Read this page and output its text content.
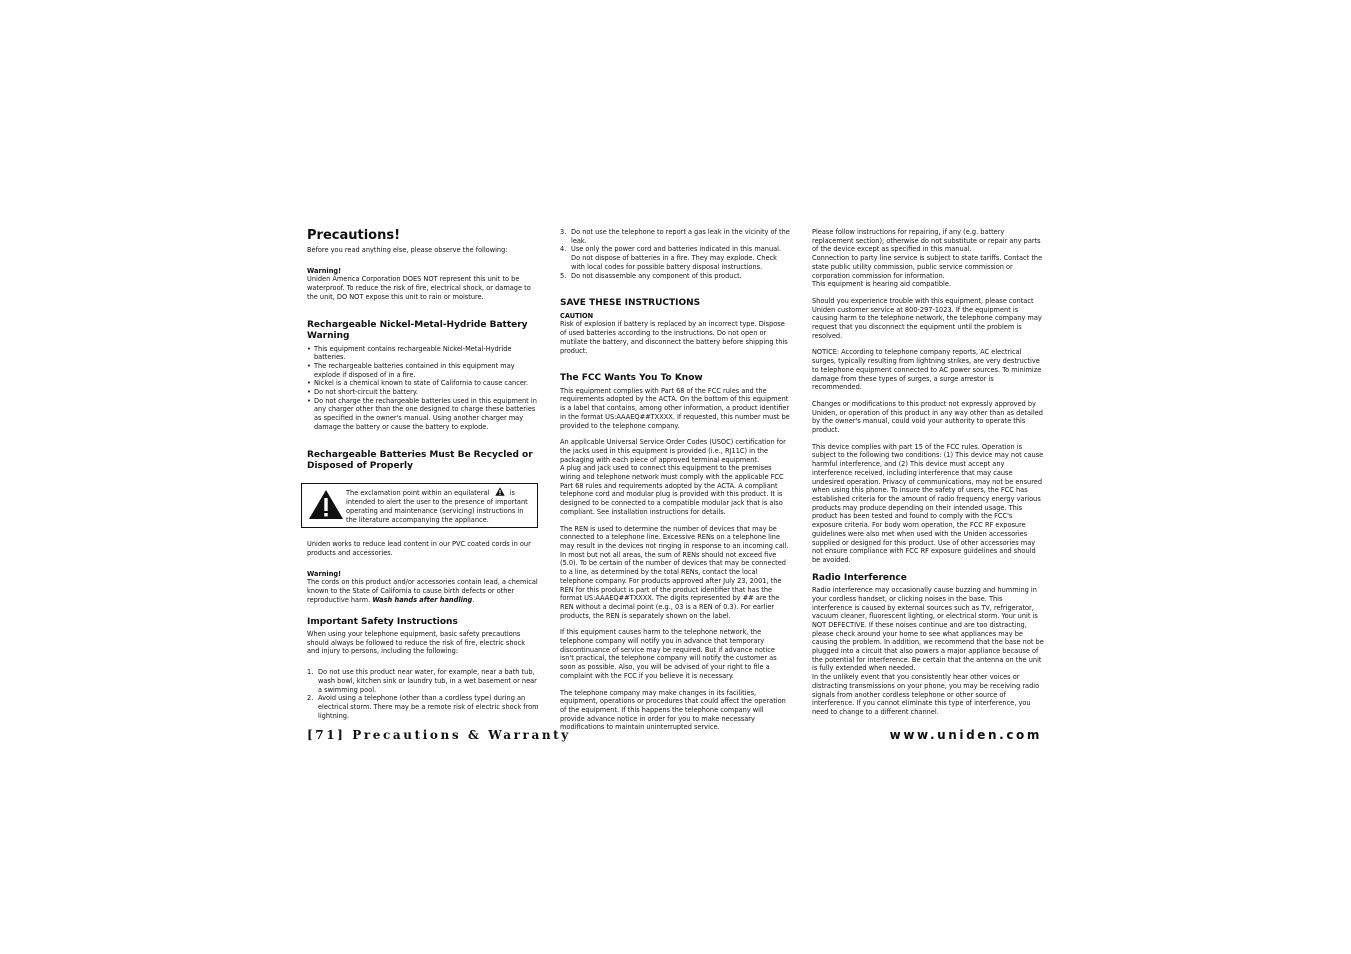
Precautions!

Before you read anything else, please observe the following:

Warning!

Uniden America Corporation DOES NOT represent this unit to be waterproof. To reduce the risk of fire, electrical shock, or damage to the unit, DO NOT expose this unit to rain or moisture.

Rechargeable Nickel-Metal-Hydride Battery Warning
• This equipment contains rechargeable Nickel-Metal-Hydride batteries.
• The rechargeable batteries contained in this equipment may explode if disposed of in a fire.
• Nickel is a chemical known to state of California to cause cancer.
• Do not short-circuit the battery.
• Do not charge the rechargeable batteries used in this equipment in any charger other than the one designed to charge these batteries as specified in the owner's manual. Using another charger may damage the battery or cause the battery to explode.
Rechargeable Batteries Must Be Recycled or Disposed of Properly
The exclamation point within an equilateral	is intended to alert the user to the presence of important operating and maintenance (servicing) instructions in the literature accompanying the appliance.

Uniden works to reduce lead content in our PVC coated cords in our products and accessories.

Warning!

The cords on this product and/or accessories contain lead, a chemical known to the State of California to cause birth defects or other reproductive harm. Wash hands after handling.

Important Safety Instructions

When using your telephone equipment, basic safety precautions should always be followed to reduce the risk of fire, electric shock and injury to persons, including the following:

1. Do not use this product near water, for example, near a bath tub, wash bowl, kitchen sink or laundry tub, in a wet basement or near a swimming pool.
2. Avoid using a telephone (other than a cordless type) during an electrical storm. There may be a remote risk of electric shock from lightning.
3. Do not use the telephone to report a gas leak in the vicinity of the leak.
4. Use only the power cord and batteries indicated in this manual. Do not dispose of batteries in a fire. They may explode. Check with local codes for possible battery disposal instructions.
5. Do not disassemble any component of this product.
SAVE THESE INSTRUCTIONS

CAUTION

Risk of explosion if battery is replaced by an incorrect type. Dispose of used batteries according to the instructions. Do not open or mutilate the battery, and disconnect the battery before shipping this product.

The FCC Wants You To Know

This equipment complies with Part 68 of the FCC rules and the requirements adopted by the ACTA. On the bottom of this equipment is a label that contains, among other information, a product identifier in the format US:AAAEQ##TXXXX. If requested, this number must be provided to the telephone company.

An applicable Universal Service Order Codes (USOC) certification for the jacks used in this equipment is provided (i.e., RJ11C) in the packaging with each piece of approved terminal equipment.

A plug and jack used to connect this equipment to the premises wiring and telephone network must comply with the applicable FCC Part 68 rules and requirements adopted by the ACTA. A compliant telephone cord and modular plug is provided with this product. It is designed to be connected to a compatible modular jack that is also compliant. See installation instructions for details.

The REN is used to determine the number of devices that may be connected to a telephone line. Excessive RENs on a telephone line may result in the devices not ringing in response to an incoming call. In most but not all areas, the sum of RENs should not exceed five (5.0). To be certain of the number of devices that may be connected to a line, as determined by the total RENs, contact the local telephone company. For products approved after July 23, 2001, the REN for this product is part of the product identifier that has the format US:AAAEQ##TXXXX. The digits represented by ## are the REN without a decimal point (e.g., 03 is a REN of 0.3). For earlier products, the REN is separately shown on the label.

If this equipment causes harm to the telephone network, the telephone company will notify you in advance that temporary discontinuance of service may be required. But if advance notice isn't practical, the telephone company will notify the customer as soon as possible. Also, you will be advised of your right to file a complaint with the FCC if you believe it is necessary.

The telephone company may make changes in its facilities, equipment, operations or procedures that could affect the operation of the equipment. If this happens the telephone company will provide advance notice in order for you to make necessary modifications to maintain uninterrupted service.

Please follow instructions for repairing, if any (e.g. battery replacement section); otherwise do not substitute or repair any parts of the device except as specified in this manual.

Connection to party line service is subject to state tariffs. Contact the state public utility commission, public service commission or corporation commission for information.

This equipment is hearing aid compatible.

Should you experience trouble with this equipment, please contact Uniden customer service at 800-297-1023. If the equipment is causing harm to the telephone network, the telephone company may request that you disconnect the equipment until the problem is resolved.

NOTICE: According to telephone company reports, AC electrical surges, typically resulting from lightning strikes, are very destructive to telephone equipment connected to AC power sources. To minimize damage from these types of surges, a surge arrestor is recommended.

Changes or modifications to this product not expressly approved by Uniden, or operation of this product in any way other than as detailed by the owner's manual, could void your authority to operate this product.

This device complies with part 15 of the FCC rules. Operation is subject to the following two conditions: (1) This device may not cause harmful interference, and (2) This device must accept any interference received, including interference that may cause undesired operation. Privacy of communications, may not be ensured when using this phone. To insure the safety of users, the FCC has established criteria for the amount of radio frequency energy various products may produce depending on their intended usage. This product has been tested and found to comply with the FCC's exposure criteria. For body worn operation, the FCC RF exposure guidelines were also met when used with the Uniden accessories supplied or designed for this product. Use of other accessories may not ensure compliance with FCC RF exposure guidelines and should be avoided.

Radio Interference

Radio interference may occasionally cause buzzing and humming in your cordless handset, or clicking noises in the base. This interference is caused by external sources such as TV, refrigerator, vacuum cleaner, fluorescent lighting, or electrical storm. Your unit is NOT DEFECTIVE. If these noises continue and are too distracting, please check around your home to see what appliances may be causing the problem. In addition, we recommend that the base not be plugged into a circuit that also powers a major appliance because of the potential for interference. Be certain that the antenna on the unit is fully extended when needed.

In the unlikely event that you consistently hear other voices or distracting transmissions on your phone, you may be receiving radio signals from another cordless telephone or other source of interference. If you cannot eliminate this type of interference, you need to change to a different channel.

[71] Precautions & Warranty	www.uniden.com
